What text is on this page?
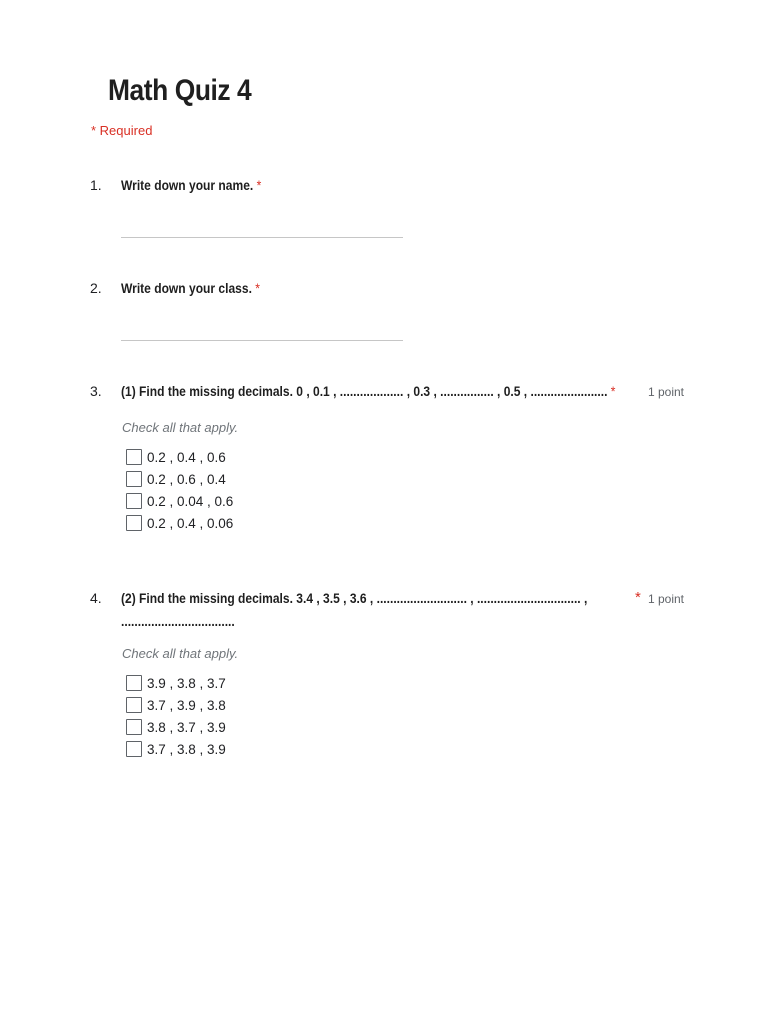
Math Quiz 4
* Required
1. Write down your name. *
2. Write down your class. *
3. (1) Find the missing decimals. 0 , 0.1 , ................... , 0.3 , ................ , 0.5 , ....................... *	1 point
Check all that apply.
0.2 , 0.4 , 0.6
0.2 , 0.6 , 0.4
0.2 , 0.04 , 0.6
0.2 , 0.4 , 0.06
4. (2) Find the missing decimals. 3.4 , 3.5 , 3.6 , ........................... , ............................... ,
..................................
* 1 point
Check all that apply.
3.9 , 3.8 , 3.7
3.7 , 3.9 , 3.8
3.8 , 3.7 , 3.9
3.7 , 3.8 , 3.9
